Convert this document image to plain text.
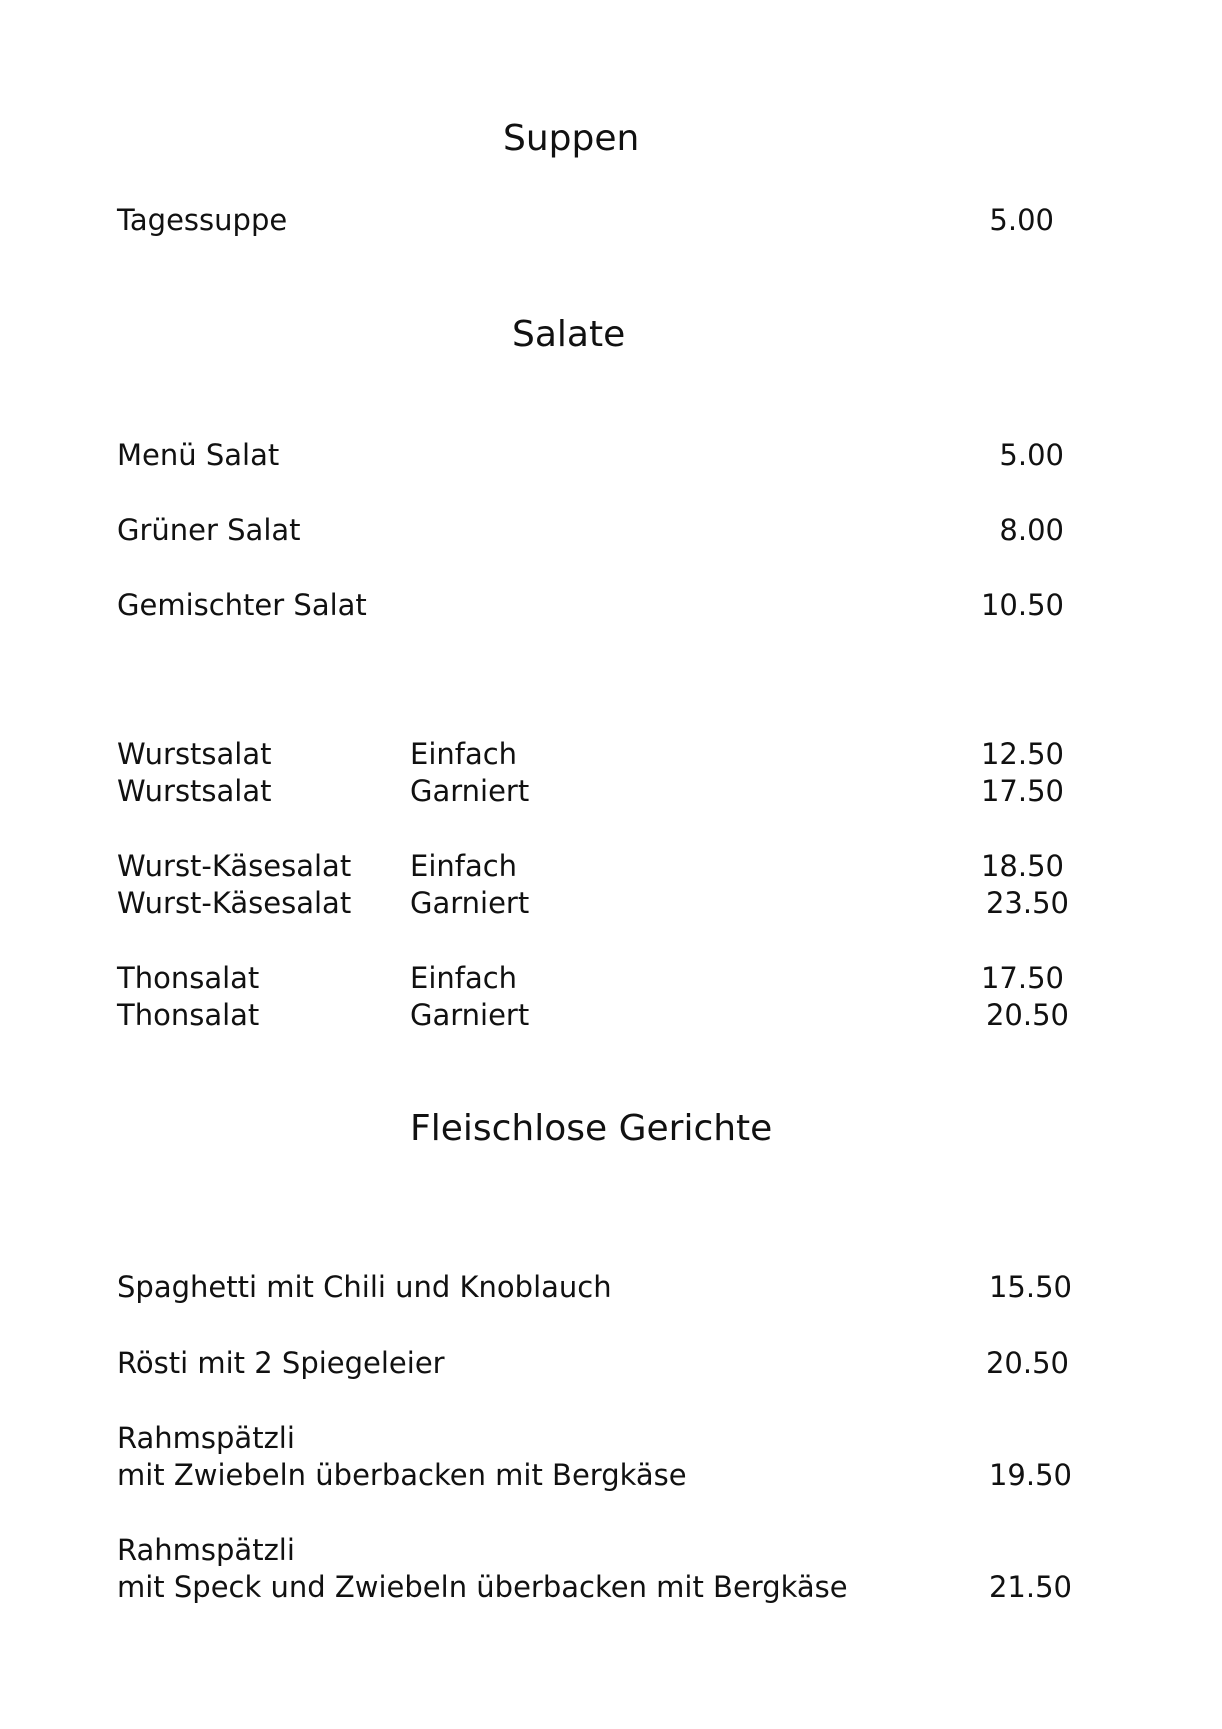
Suppen
Tagessuppe	5.00
Salate
Menü Salat	5.00
Grüner Salat	8.00
Gemischter Salat	10.50
Wurstsalat	Einfach	12.50
Wurstsalat	Garniert	17.50
Wurst-Käsesalat Einfach	18.50
Wurst-Käsesalat Garniert	23.50
Thonsalat	Einfach	17.50
Thonsalat	Garniert	20.50
Fleischlose Gerichte
Spaghetti mit Chili und Knoblauch	15.50
Rösti mit 2 Spiegeleier	20.50
Rahmspätzli
mit Zwiebeln überbacken mit Bergkäse	19.50
Rahmspätzli
mit Speck und Zwiebeln überbacken mit Bergkäse	21.50
